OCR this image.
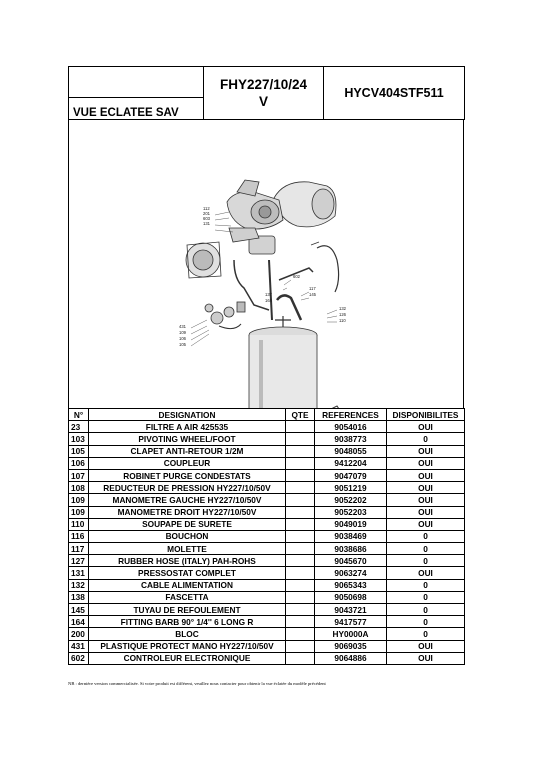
	FHY227/10/24
V	HYCV404STF511
VUE ECLATEE SAV
112
201
603
131
602
117
145
137
164
132
126
110
431
109
106
105
N°	DESIGNATION	QTE	REFERENCES	DISPONIBILITES
23	FILTRE A AIR 425535		9054016	OUI
103	PIVOTING WHEEL/FOOT		9038773	0
105	CLAPET ANTI-RETOUR 1/2M		9048055	OUI
106	COUPLEUR		9412204	OUI
107	ROBINET PURGE CONDESTATS		9047079	OUI
108	REDUCTEUR DE PRESSION HY227/10/50V		9051219	OUI
109	MANOMETRE GAUCHE HY227/10/50V		9052202	OUI
109	MANOMETRE DROIT HY227/10/50V		9052203	OUI
110	SOUPAPE DE SURETE		9049019	OUI
116	BOUCHON		9038469	0
117	MOLETTE		9038686	0
127	RUBBER HOSE (ITALY) PAH-ROHS		9045670	0
131	PRESSOSTAT COMPLET		9063274	OUI
132	CABLE ALIMENTATION		9065343	0
138	FASCETTA		9050698	0
145	TUYAU DE REFOULEMENT		9043721	0
164	FITTING BARB 90° 1/4'' 6 LONG R		9417577	0
200	BLOC		HY0000A	0
431	PLASTIQUE PROTECT MANO HY227/10/50V		9069035	OUI
602	CONTROLEUR ELECTRONIQUE		9064886	OUI
NB : dernière version commercialisée. Si votre produit est différent, veuillez nous contacter pour obtenir la vue éclatée du modèle précédent
